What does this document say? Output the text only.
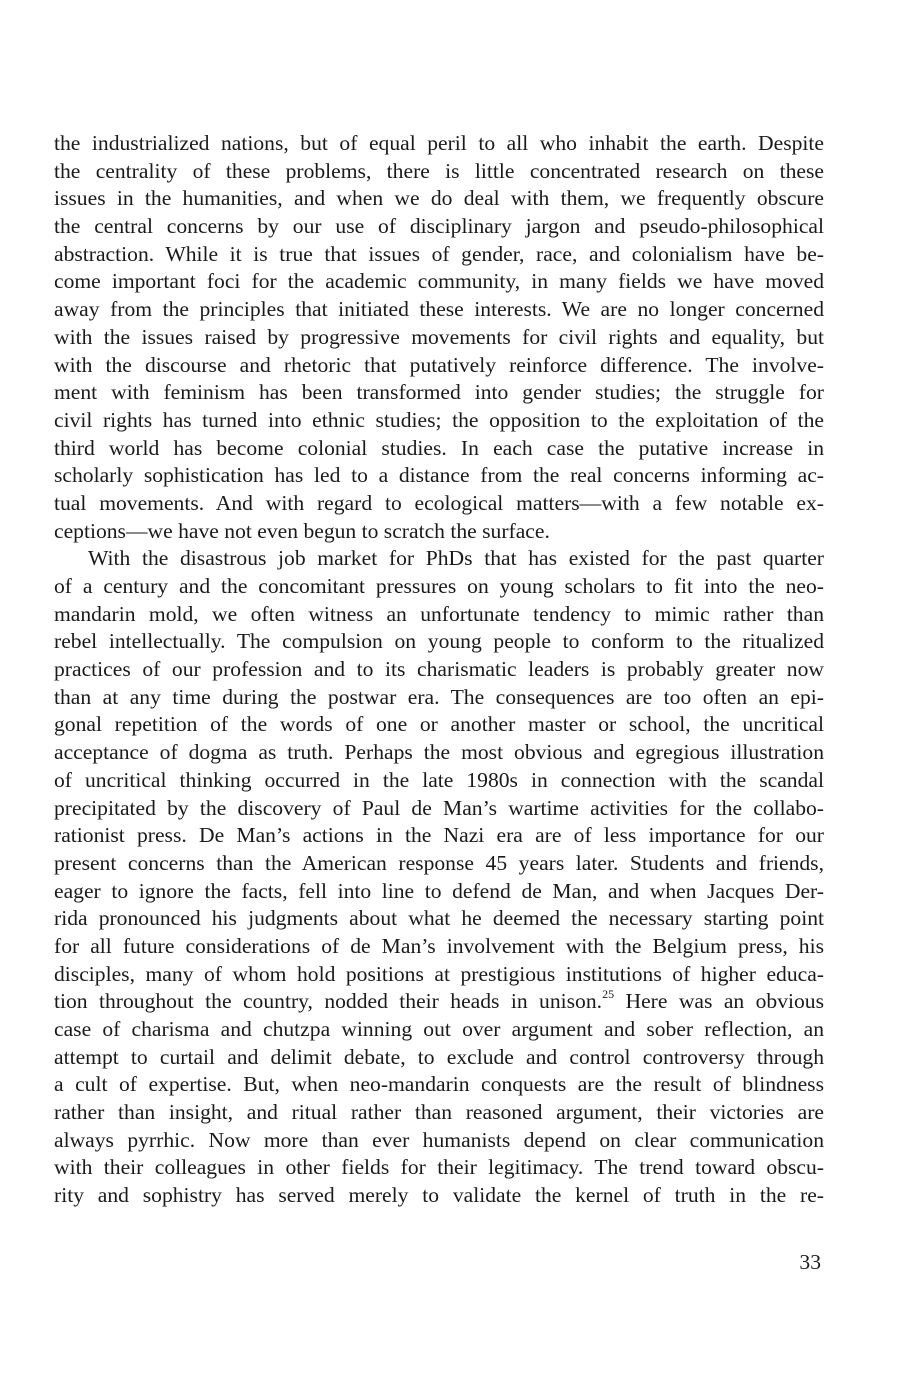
the industrialized nations, but of equal peril to all who inhabit the earth. Despite
the centrality of these problems, there is little concentrated research on these
issues in the humanities, and when we do deal with them, we frequently obscure
the central concerns by our use of disciplinary jargon and pseudo-philosophical
abstraction. While it is true that issues of gender, race, and colonialism have be-
come important foci for the academic community, in many fields we have moved
away from the principles that initiated these interests. We are no longer concerned
with the issues raised by progressive movements for civil rights and equality, but
with the discourse and rhetoric that putatively reinforce difference. The involve-
ment with feminism has been transformed into gender studies; the struggle for
civil rights has turned into ethnic studies; the opposition to the exploitation of the
third world has become colonial studies. In each case the putative increase in
scholarly sophistication has led to a distance from the real concerns informing ac-
tual movements. And with regard to ecological matters—with a few notable ex-
ceptions—we have not even begun to scratch the surface.
With the disastrous job market for PhDs that has existed for the past quarter
of a century and the concomitant pressures on young scholars to fit into the neo-
mandarin mold, we often witness an unfortunate tendency to mimic rather than
rebel intellectually. The compulsion on young people to conform to the ritualized
practices of our profession and to its charismatic leaders is probably greater now
than at any time during the postwar era. The consequences are too often an epi-
gonal repetition of the words of one or another master or school, the uncritical
acceptance of dogma as truth. Perhaps the most obvious and egregious illustration
of uncritical thinking occurred in the late 1980s in connection with the scandal
precipitated by the discovery of Paul de Man’s wartime activities for the collabo-
rationist press. De Man’s actions in the Nazi era are of less importance for our
present concerns than the American response 45 years later. Students and friends,
eager to ignore the facts, fell into line to defend de Man, and when Jacques Der-
rida pronounced his judgments about what he deemed the necessary starting point
for all future considerations of de Man’s involvement with the Belgium press, his
disciples, many of whom hold positions at prestigious institutions of higher educa-
tion throughout the country, nodded their heads in unison.$^{25}$ Here was an obvious
case of charisma and chutzpa winning out over argument and sober reflection, an
attempt to curtail and delimit debate, to exclude and control controversy through
a cult of expertise. But, when neo-mandarin conquests are the result of blindness
rather than insight, and ritual rather than reasoned argument, their victories are
always pyrrhic. Now more than ever humanists depend on clear communication
with their colleagues in other fields for their legitimacy. The trend toward obscu-
rity and sophistry has served merely to validate the kernel of truth in the re-
33
